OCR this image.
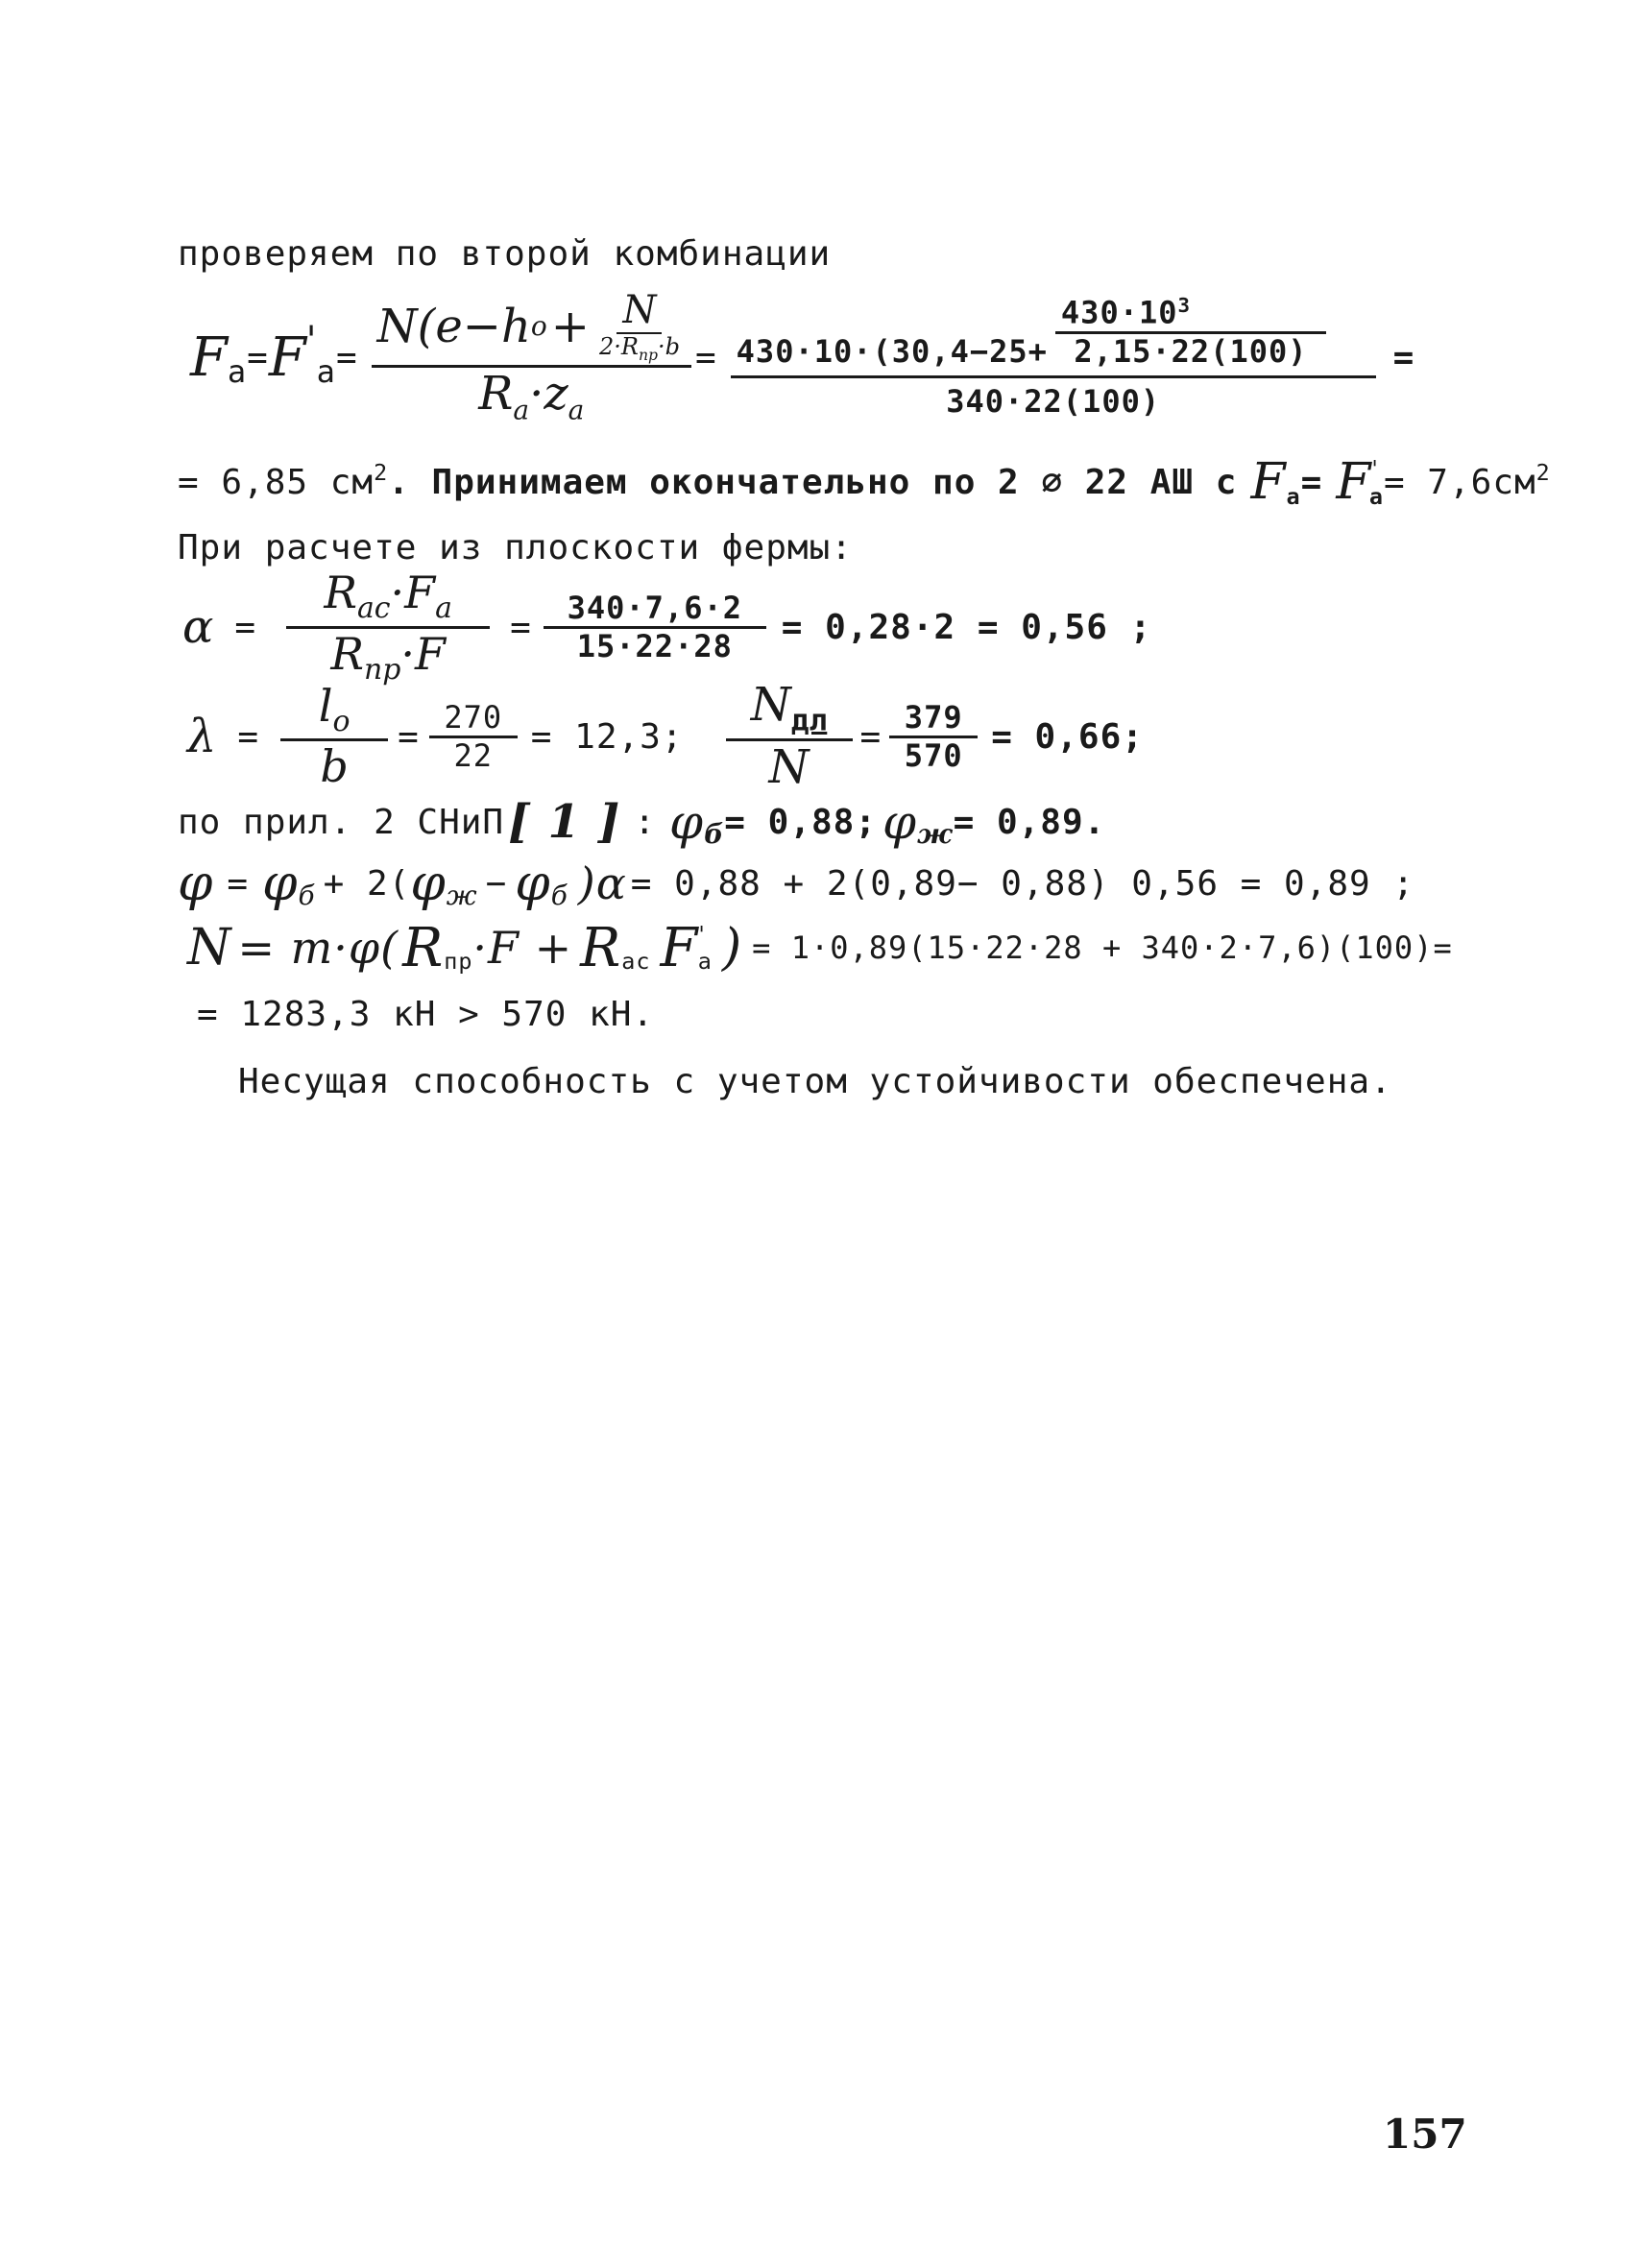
проверяем по второй комбинации
F a = F '
a =
N(e−h $o + \frac{N}{2\cdot R_{пр}\cdot b}$
$R_a\cdot z_a$
= $430\cdot 10\cdot(30,4-25+ \frac{430\cdot 10^3}{2,15\cdot 22(100)}$
340·22(100)
=
= 6,85 $см^2$ . Принимаем окончательно по 2 ∅ 22 АШ с $F_a = F'$
$a = 7,6см^2$
При расчете из плоскости фермы:
$\alpha = \frac{R_{ас}\cdot F_a}{R_{пр}\cdot F} = \frac{340\cdot 7,6\cdot 2}{15\cdot 22\cdot 28} = 0,28\cdot 2 = 0,56$ ;
$\lambda = \frac{l_o}{b} = \frac{270}{22} = 12,3$; $\frac{N_{дл}}{N} = \frac{379}{570} = 0,66$;
по прил. 2 СНиП [ 1 ] : $\varphi_б = 0,88$; $\varphi_ж = 0,89$.
$\varphi = \varphi_б + 2$( $\varphi_ж - \varphi_б$ )α = 0,88 + 2(0,89− 0,88) 0,56 = 0,89 ;
N = m·φ( $R_{пр} \cdot F + R_{ас}$ F'
a ) = 1·0,89(15·22·28 + 340·2·7,6)(100)=
= 1283,3 кН > 570 кН.
Несущая способность с учетом устойчивости обеспечена.
157
